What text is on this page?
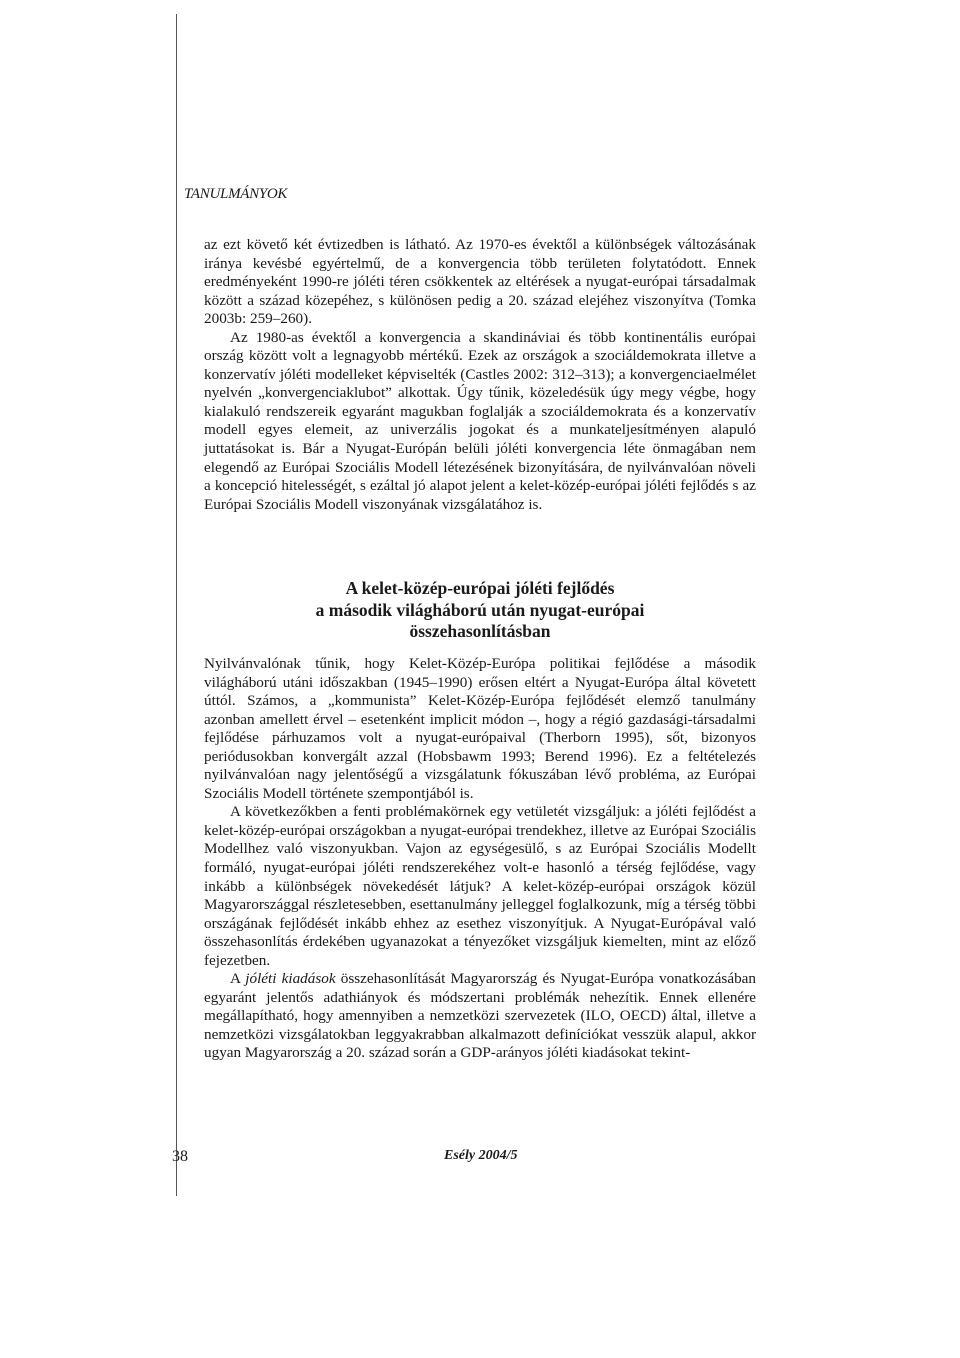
TANULMÁNYOK

az ezt követő két évtizedben is látható. Az 1970-es évektől a különbségek változásának iránya kevésbé egyértelmű, de a konvergencia több területen folytatódott. Ennek eredményeként 1990-re jóléti téren csökkentek az eltérések a nyugat-európai társadalmak között a század közepéhez, s különösen pedig a 20. század elejéhez viszonyítva (Tomka 2003b: 259–260).

Az 1980-as évektől a konvergencia a skandináviai és több kontinentális európai ország között volt a legnagyobb mértékű. Ezek az országok a szociáldemokrata illetve a konzervatív jóléti modelleket képviselték (Castles 2002: 312–313); a konvergenciaelmélet nyelvén „konvergenciaklubot” alkottak. Úgy tűnik, közeledésük úgy megy végbe, hogy kialakuló rendszereik egyaránt magukban foglalják a szociáldemokrata és a konzervatív modell egyes elemeit, az univerzális jogokat és a munkateljesítményen alapuló juttatásokat is. Bár a Nyugat-Európán belüli jóléti konvergencia léte önmagában nem elegendő az Európai Szociális Modell létezésének bizonyítására, de nyilvánvalóan növeli a koncepció hitelességét, s ezáltal jó alapot jelent a kelet-közép-európai jóléti fejlődés s az Európai Szociális Modell viszonyának vizsgálatához is.

A kelet-közép-európai jóléti fejlődés
a második világháború után nyugat-európai
összehasonlításban

Nyilvánvalónak tűnik, hogy Kelet-Közép-Európa politikai fejlődése a második világháború utáni időszakban (1945–1990) erősen eltért a Nyugat-Európa által követett úttól. Számos, a „kommunista” Kelet-Közép-Európa fejlődését elemző tanulmány azonban amellett érvel – esetenként implicit módon –, hogy a régió gazdasági-társadalmi fejlődése párhuzamos volt a nyugat-európaival (Therborn 1995), sőt, bizonyos periódusokban konvergált azzal (Hobsbawm 1993; Berend 1996). Ez a feltételezés nyilvánvalóan nagy jelentőségű a vizsgálatunk fókuszában lévő probléma, az Európai Szociális Modell története szempontjából is.

A következőkben a fenti problémakörnek egy vetületét vizsgáljuk: a jóléti fejlődést a kelet-közép-európai országokban a nyugat-európai trendekhez, illetve az Európai Szociális Modellhez való viszonyukban. Vajon az egységesülő, s az Európai Szociális Modellt formáló, nyugat-európai jóléti rendszerekéhez volt-e hasonló a térség fejlődése, vagy inkább a különbségek növekedését látjuk? A kelet-közép-európai országok közül Magyarországgal részletesebben, esettanulmány jelleggel foglalkozunk, míg a térség többi országának fejlődését inkább ehhez az esethez viszonyítjuk. A Nyugat-Európával való összehasonlítás érdekében ugyanazokat a tényezőket vizsgáljuk kiemelten, mint az előző fejezetben.

A jóléti kiadások összehasonlítását Magyarország és Nyugat-Európa vonatkozásában egyaránt jelentős adathiányok és módszertani problémák nehezítik. Ennek ellenére megállapítható, hogy amennyiben a nemzetközi szervezetek (ILO, OECD) által, illetve a nemzetközi vizsgálatokban leggyakrabban alkalmazott definíciókat vesszük alapul, akkor ugyan Magyarország a 20. század során a GDP-arányos jóléti kiadásokat tekint-

38	Esély 2004/5
